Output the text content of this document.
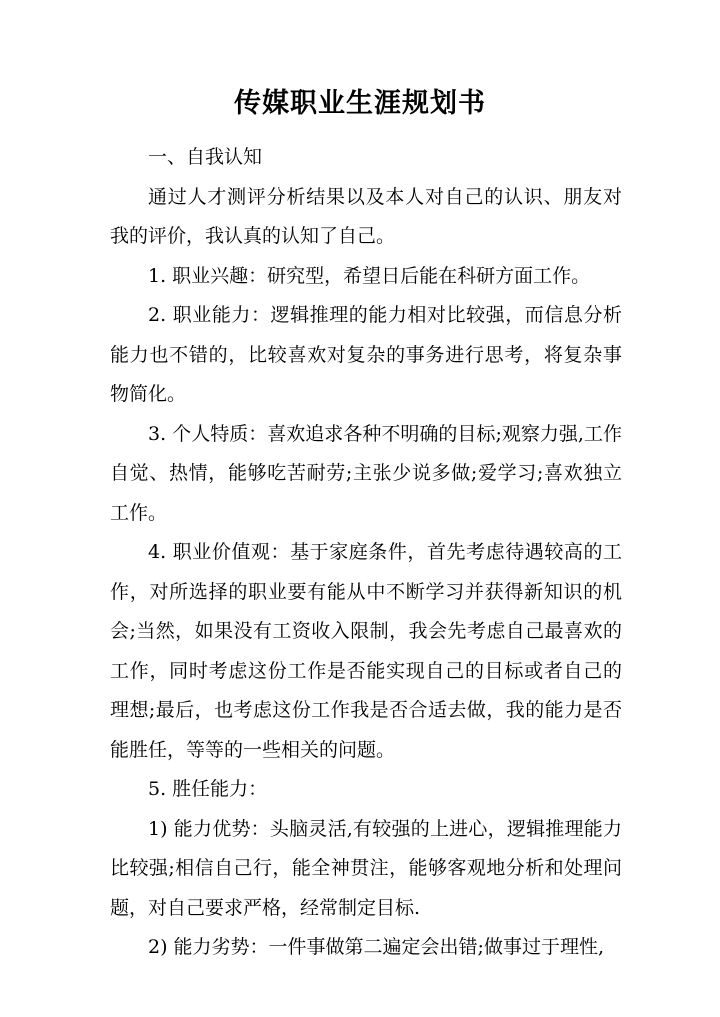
传媒职业生涯规划书

一、自我认知

通过人才测评分析结果以及本人对自己的认识、朋友对我的评价，我认真的认知了自己。

1. 职业兴趣：研究型，希望日后能在科研方面工作。

2. 职业能力：逻辑推理的能力相对比较强，而信息分析能力也不错的，比较喜欢对复杂的事务进行思考，将复杂事物简化。

3. 个人特质：喜欢追求各种不明确的目标;观察力强,工作自觉、热情，能够吃苦耐劳;主张少说多做;爱学习;喜欢独立工作。

4. 职业价值观：基于家庭条件，首先考虑待遇较高的工作，对所选择的职业要有能从中不断学习并获得新知识的机会;当然，如果没有工资收入限制，我会先考虑自己最喜欢的工作，同时考虑这份工作是否能实现自己的目标或者自己的理想;最后，也考虑这份工作我是否合适去做，我的能力是否能胜任，等等的一些相关的问题。

5. 胜任能力：

1) 能力优势：头脑灵活,有较强的上进心，逻辑推理能力比较强;相信自己行，能全神贯注，能够客观地分析和处理问题，对自己要求严格，经常制定目标.

2) 能力劣势：一件事做第二遍定会出错;做事过于理性,
